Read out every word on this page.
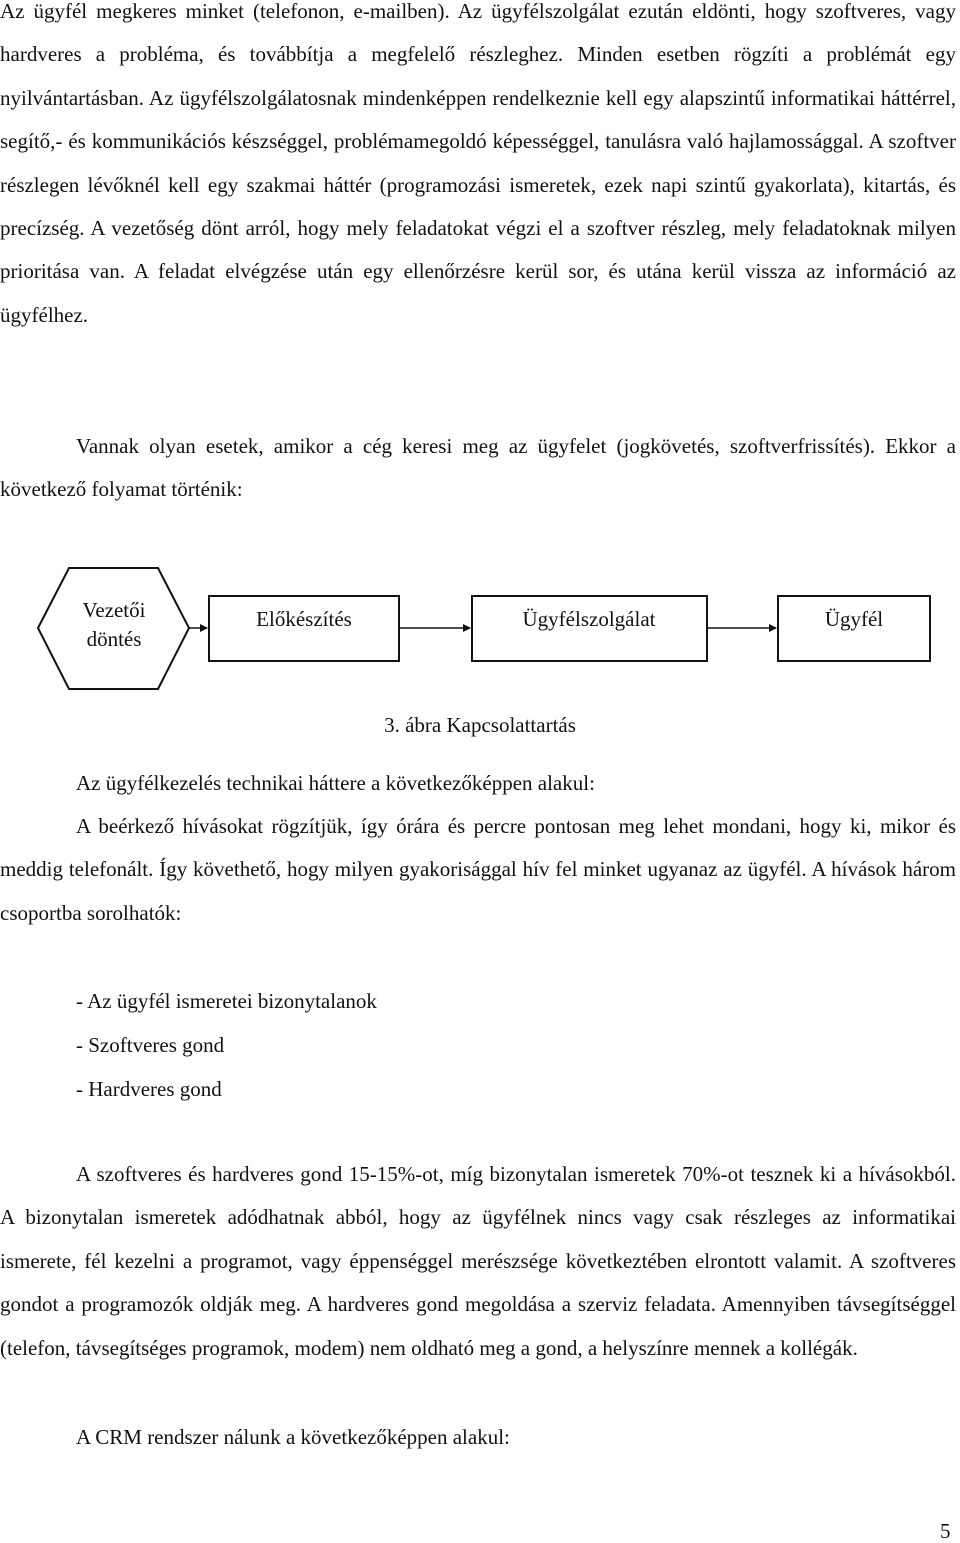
Az ügyfél megkeres minket (telefonon, e-mailben). Az ügyfélszolgálat ezután eldönti, hogy szoftveres, vagy hardveres a probléma, és továbbítja a megfelelő részleghez. Minden esetben rögzíti a problémát egy nyilvántartásban. Az ügyfélszolgálatosnak mindenképpen rendelkeznie kell egy alapszintű informatikai háttérrel, segítő,- és kommunikációs készséggel, problémamegoldó képességgel, tanulásra való hajlamossággal. A szoftver részlegen lévőknél kell egy szakmai háttér (programozási ismeretek, ezek napi szintű gyakorlata), kitartás, és precízség. A vezetőség dönt arról, hogy mely feladatokat végzi el a szoftver részleg, mely feladatoknak milyen prioritása van. A feladat elvégzése után egy ellenőrzésre kerül sor, és utána kerül vissza az információ az ügyfélhez.

Vannak olyan esetek, amikor a cég keresi meg az ügyfelet (jogkövetés, szoftverfrissítés). Ekkor a következő folyamat történik:

Vezetői
döntés
Előkészítés	Ügyfélszolgálat	Ügyfél
3. ábra Kapcsolattartás

Az ügyfélkezelés technikai háttere a következőképpen alakul:

A beérkező hívásokat rögzítjük, így órára és percre pontosan meg lehet mondani, hogy ki, mikor és meddig telefonált. Így követhető, hogy milyen gyakorisággal hív fel minket ugyanaz az ügyfél. A hívások három csoportba sorolhatók:

- Az ügyfél ismeretei bizonytalanok
- Szoftveres gond
- Hardveres gond

A szoftveres és hardveres gond 15-15%-ot, míg bizonytalan ismeretek 70%-ot tesznek ki a hívásokból. A bizonytalan ismeretek adódhatnak abból, hogy az ügyfélnek nincs vagy csak részleges az informatikai ismerete, fél kezelni a programot, vagy éppenséggel merészsége következtében elrontott valamit. A szoftveres gondot a programozók oldják meg. A hardveres gond megoldása a szerviz feladata. Amennyiben távsegítséggel (telefon, távsegítséges programok, modem) nem oldható meg a gond, a helyszínre mennek a kollégák.

A CRM rendszer nálunk a következőképpen alakul:

5
